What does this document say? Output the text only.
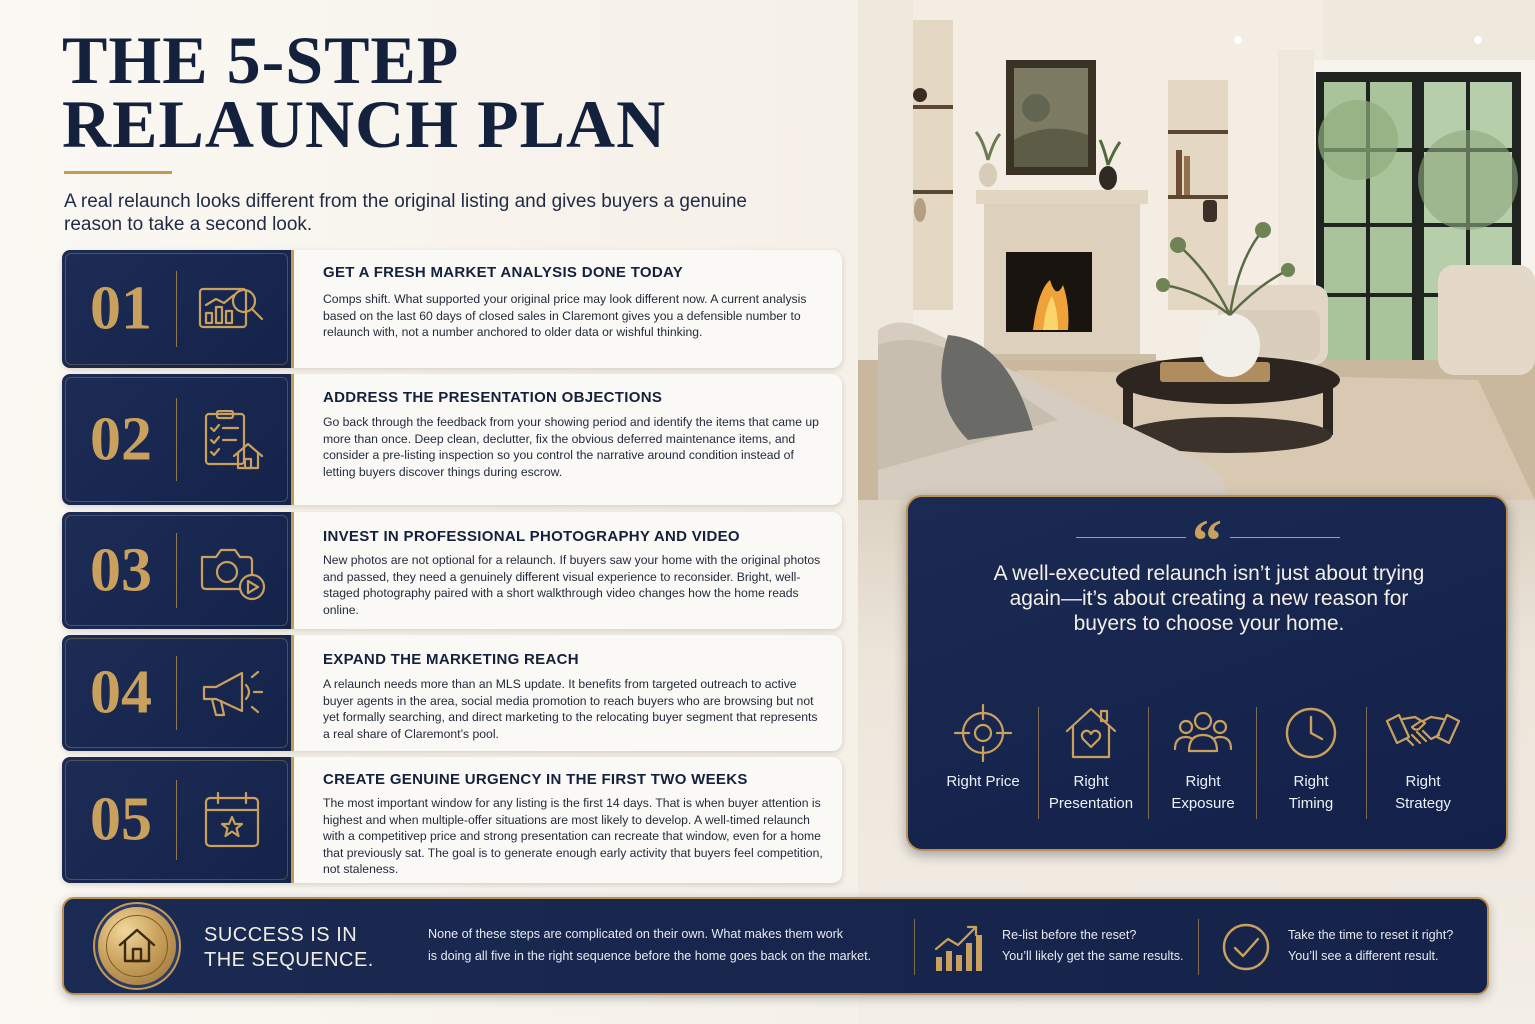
THE 5-STEP
RELAUNCH PLAN

A real relaunch looks different from the original listing and gives buyers a genuine reason to take a second look.

01
GET A FRESH MARKET ANALYSIS DONE TODAY
Comps shift. What supported your original price may look different now. A current analysis based on the last 60 days of closed sales in Claremont gives you a defensible number to relaunch with, not a number anchored to older data or wishful thinking.
02
ADDRESS THE PRESENTATION OBJECTIONS
Go back through the feedback from your showing period and identify the items that came up more than once. Deep clean, declutter, fix the obvious deferred maintenance items, and consider a pre-listing inspection so you control the narrative around condition instead of letting buyers discover things during escrow.
03	INVEST IN PROFESSIONAL PHOTOGRAPHY AND VIDEO
New photos are not optional for a relaunch. If buyers saw your home with the original photos and passed, they need a genuinely different visual experience to reconsider. Bright, well-staged photography paired with a short walkthrough video changes how the home reads online.
04	EXPAND THE MARKETING REACH
A relaunch needs more than an MLS update. It benefits from targeted outreach to active buyer agents in the area, social media promotion to reach buyers who are browsing but not yet formally searching, and direct marketing to the relocating buyer segment that represents a real share of Claremont’s pool.
05
CREATE GENUINE URGENCY IN THE FIRST TWO WEEKS
The most important window for any listing is the first 14 days. That is when buyer attention is highest and when multiple-offer situations are most likely to develop. A well-timed relaunch with a competitivep price and strong presentation can recreate that window, even for a home that previously sat. The goal is to generate enough early activity that buyers feel competition, not staleness.
“

A well-executed relaunch isn’t just about trying again—it’s about creating a new reason for buyers to choose your home.

Right Price	Right
Presentation
Right
Exposure
Right
Timing
Right
Strategy
SUCCESS IS IN
THE SEQUENCE.
None of these steps are complicated on their own. What makes them work
is doing all five in the right sequence before the home goes back on the market.
Re-list before the reset?
You’ll likely get the same results.
Take the time to reset it right?
You’ll see a different result.
